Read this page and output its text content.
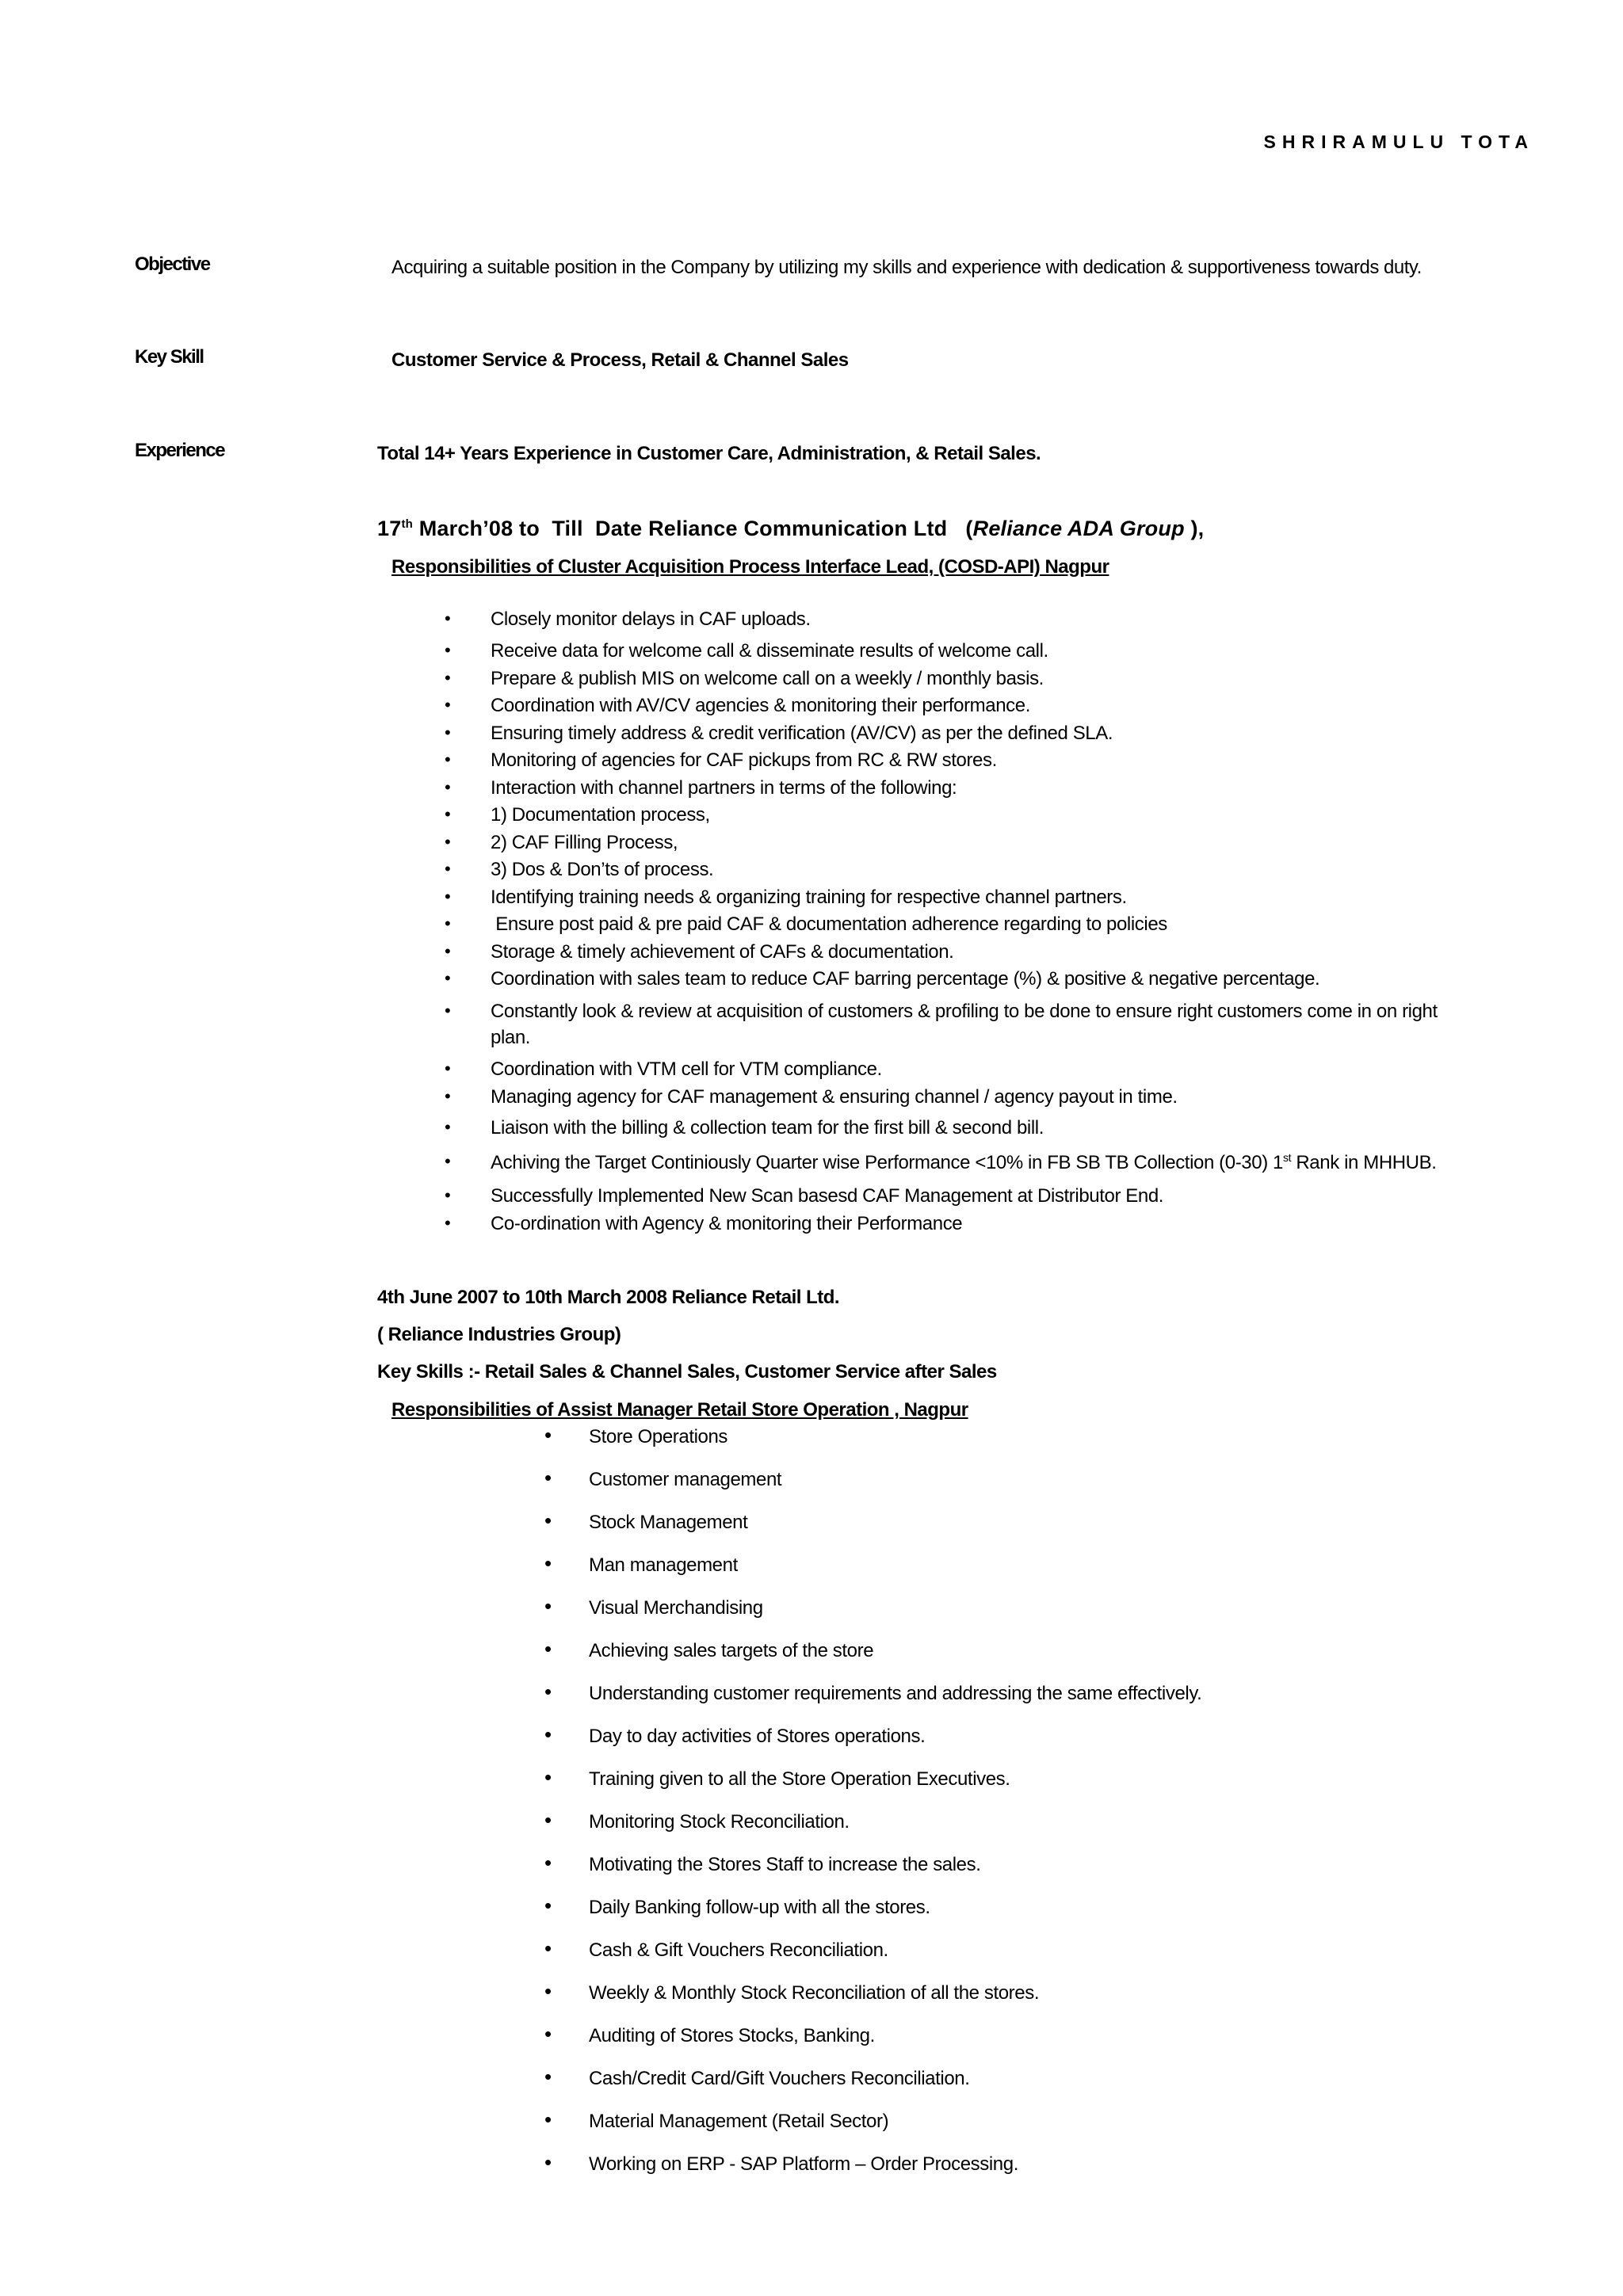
SHRIRAMULU TOTA
Objective	Acquiring a suitable position in the Company by utilizing my skills and experience with dedication & supportiveness towards duty.
Key Skill	Customer Service & Process, Retail & Channel Sales
Experience	Total 14+ Years Experience in Customer Care, Administration, & Retail Sales.
17th March’08 to  Till  Date Reliance Communication Ltd   (Reliance ADA Group ),
Responsibilities of Cluster Acquisition Process Interface Lead, (COSD-API) Nagpur
• Closely monitor delays in CAF uploads.
• Receive data for welcome call & disseminate results of welcome call.
• Prepare & publish MIS on welcome call on a weekly / monthly basis.
• Coordination with AV/CV agencies & monitoring their performance.
• Ensuring timely address & credit verification (AV/CV) as per the defined SLA.
• Monitoring of agencies for CAF pickups from RC & RW stores.
• Interaction with channel partners in terms of the following:
• 1) Documentation process,
• 2) CAF Filling Process,
• 3) Dos & Don’ts of process.
• Identifying training needs & organizing training for respective channel partners.
• Ensure post paid & pre paid CAF & documentation adherence regarding to policies
• Storage & timely achievement of CAFs & documentation.
• Coordination with sales team to reduce CAF barring percentage (%) & positive & negative percentage.
• Constantly look & review at acquisition of customers & profiling to be done to ensure right customers come in on right
plan.
• Coordination with VTM cell for VTM compliance.
• Managing agency for CAF management & ensuring channel / agency payout in time.
• Liaison with the billing & collection team for the first bill & second bill.
• Achiving the Target Continiously Quarter wise Performance <10% in FB SB TB Collection (0-30) 1st Rank in MHHUB.
• Successfully Implemented New Scan basesd CAF Management at Distributor End.
• Co-ordination with Agency & monitoring their Performance
4th June 2007 to 10th March 2008 Reliance Retail Ltd.
( Reliance Industries Group)
Key Skills :- Retail Sales & Channel Sales, Customer Service after Sales
Responsibilities of Assist Manager Retail Store Operation , Nagpur
• Store Operations
• Customer management
• Stock Management
• Man management
• Visual Merchandising
• Achieving sales targets of the store
• Understanding customer requirements and addressing the same effectively.
• Day to day activities of Stores operations.
• Training given to all the Store Operation Executives.
• Monitoring Stock Reconciliation.
• Motivating the Stores Staff to increase the sales.
• Daily Banking follow-up with all the stores.
• Cash & Gift Vouchers Reconciliation.
• Weekly & Monthly Stock Reconciliation of all the stores.
• Auditing of Stores Stocks, Banking.
• Cash/Credit Card/Gift Vouchers Reconciliation.
• Material Management (Retail Sector)
• Working on ERP - SAP Platform – Order Processing.
